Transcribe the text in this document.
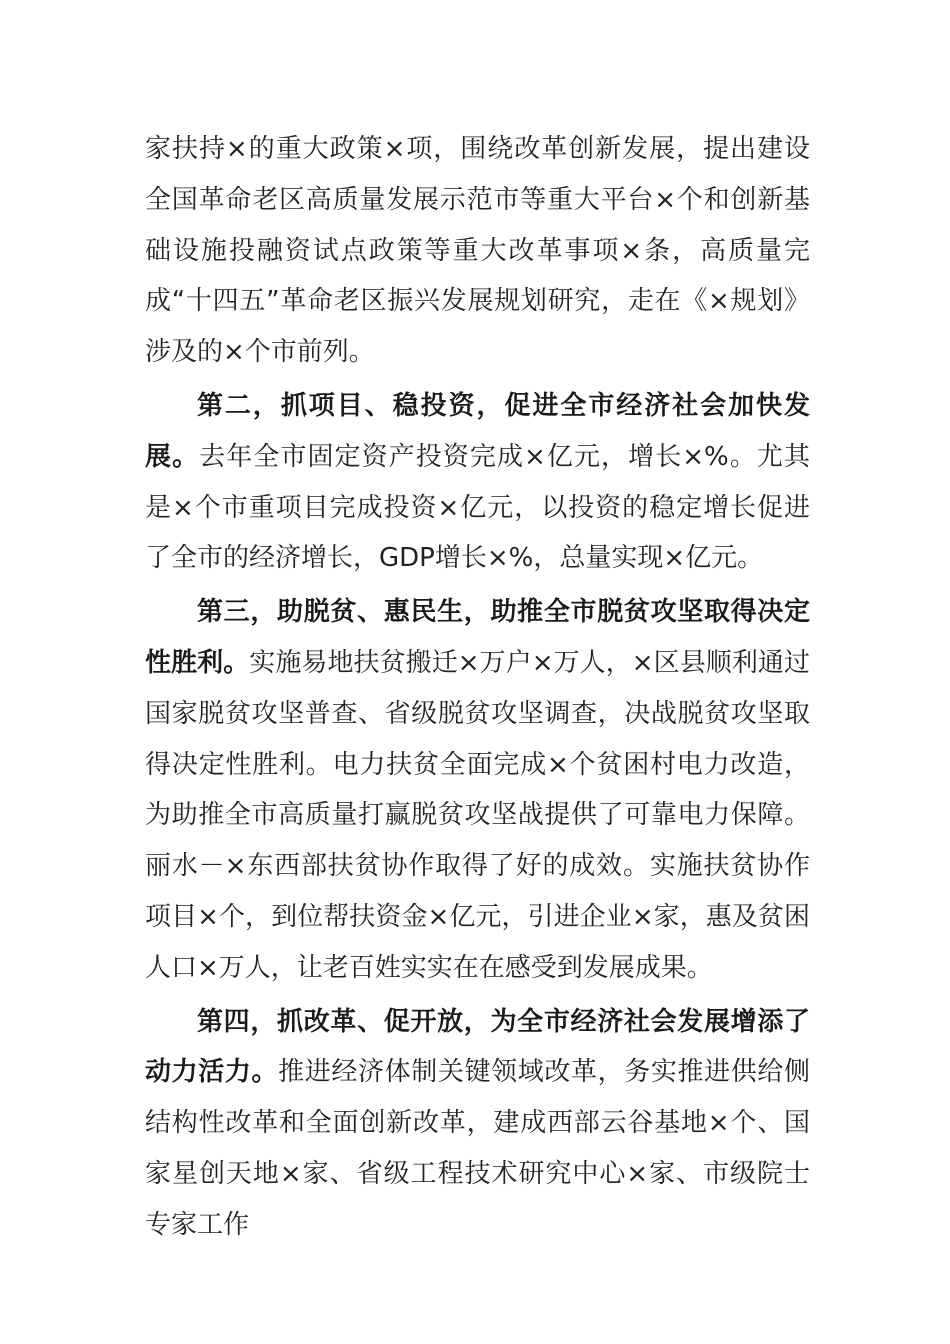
家扶持×的重大政策×项，围绕改革创新发展，提出建设全国革命老区高质量发展示范市等重大平台×个和创新基础设施投融资试点政策等重大改革事项×条，高质量完成“十四五”革命老区振兴发展规划研究，走在《×规划》涉及的×个市前列。

第二，抓项目、稳投资，促进全市经济社会加快发展。去年全市固定资产投资完成×亿元，增长×%。尤其是×个市重项目完成投资×亿元，以投资的稳定增长促进了全市的经济增长，GDP增长×%，总量实现×亿元。

第三，助脱贫、惠民生，助推全市脱贫攻坚取得决定性胜利。实施易地扶贫搬迁×万户×万人，×区县顺利通过国家脱贫攻坚普查、省级脱贫攻坚调查，决战脱贫攻坚取得决定性胜利。电力扶贫全面完成×个贫困村电力改造，为助推全市高质量打赢脱贫攻坚战提供了可靠电力保障。丽水－×东西部扶贫协作取得了好的成效。实施扶贫协作项目×个，到位帮扶资金×亿元，引进企业×家，惠及贫困人口×万人，让老百姓实实在在感受到发展成果。

第四，抓改革、促开放，为全市经济社会发展增添了动力活力。推进经济体制关键领域改革，务实推进供给侧结构性改革和全面创新改革，建成西部云谷基地×个、国家星创天地×家、省级工程技术研究中心×家、市级院士专家工作
